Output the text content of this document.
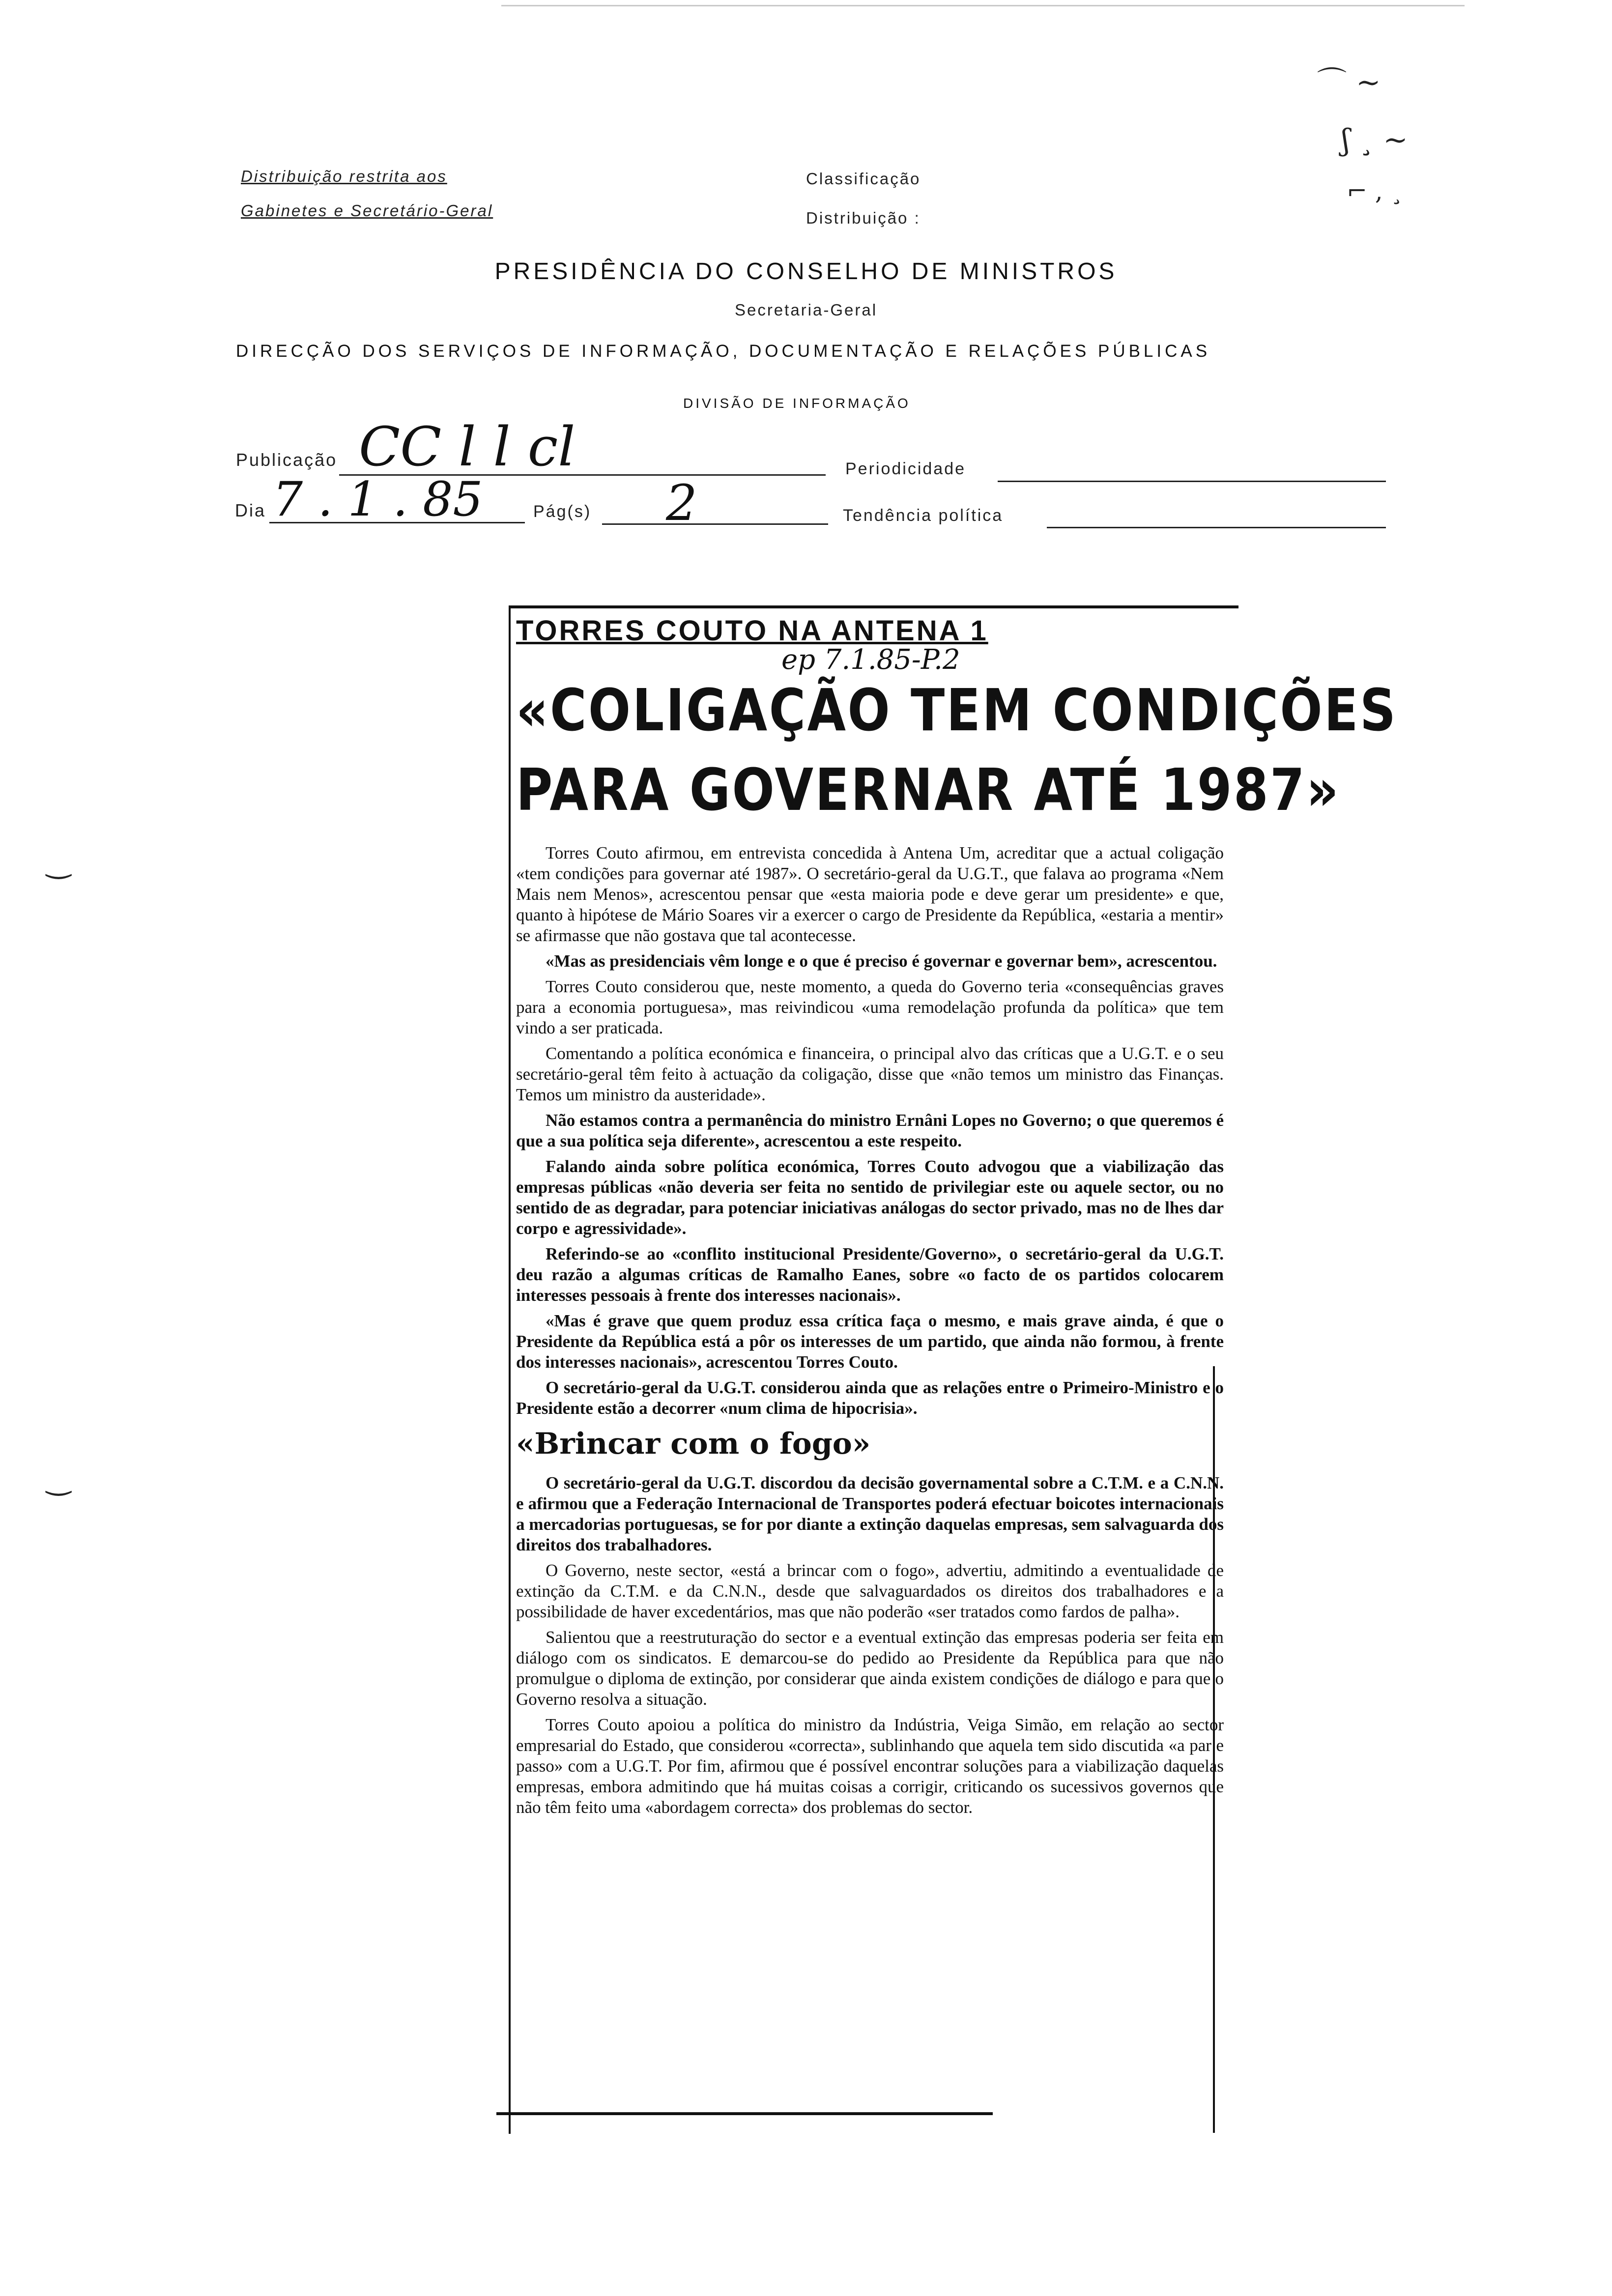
⌒ ~
ʃ ¸ ~
⌐ , ¸
Distribuição restrita aos
Gabinetes e Secretário-Geral
Classificação
Distribuição :
PRESIDÊNCIA DO CONSELHO DE MINISTROS
Secretaria-Geral
DIRECÇÃO DOS SERVIÇOS DE INFORMAÇÃO, DOCUMENTAÇÃO E RELAÇÕES PÚBLICAS
DIVISÃO DE INFORMAÇÃO
Publicação CC l l cl	Periodicidade
Dia 7 . 1 . 85	Pág(s) 2	Tendência política
TORRES COUTO NA ANTENA 1
ep 7.1.85-P.2
«COLIGAÇÃO TEM CONDIÇÕES
PARA GOVERNAR ATÉ 1987»

Torres Couto afirmou, em entrevista concedida à Antena Um, acreditar que a actual coligação «tem condições para governar até 1987». O secretário-geral da U.G.T., que falava ao programa «Nem Mais nem Menos», acrescentou pensar que «esta maioria pode e deve gerar um presidente» e que, quanto à hipótese de Mário Soares vir a exercer o cargo de Presidente da República, «estaria a mentir» se afirmasse que não gostava que tal acontecesse.

«Mas as presidenciais vêm longe e o que é preciso é governar e governar bem», acrescentou.

Torres Couto considerou que, neste momento, a queda do Governo teria «consequências graves para a economia portuguesa», mas reivindicou «uma remodelação profunda da política» que tem vindo a ser praticada.

Comentando a política económica e financeira, o principal alvo das críticas que a U.G.T. e o seu secretário-geral têm feito à actuação da coligação, disse que «não temos um ministro das Finanças. Temos um ministro da austeridade».

Não estamos contra a permanência do ministro Ernâni Lopes no Governo; o que queremos é que a sua política seja diferente», acrescentou a este respeito.

Falando ainda sobre política económica, Torres Couto advogou que a viabilização das empresas públicas «não deveria ser feita no sentido de privilegiar este ou aquele sector, ou no sentido de as degradar, para potenciar iniciativas análogas do sector privado, mas no de lhes dar corpo e agressividade».

Referindo-se ao «conflito institucional Presidente/Governo», o secretário-geral da U.G.T. deu razão a algumas críticas de Ramalho Eanes, sobre «o facto de os partidos colocarem interesses pessoais à frente dos interesses nacionais».

«Mas é grave que quem produz essa crítica faça o mesmo, e mais grave ainda, é que o Presidente da República está a pôr os interesses de um partido, que ainda não formou, à frente dos interesses nacionais», acrescentou Torres Couto.

O secretário-geral da U.G.T. considerou ainda que as relações entre o Primeiro-Ministro e o Presidente estão a decorrer «num clima de hipocrisia».

«Brincar com o fogo»

O secretário-geral da U.G.T. discordou da decisão governamental sobre a C.T.M. e a C.N.N. e afirmou que a Federação Internacional de Transportes poderá efectuar boicotes internacionais a mercadorias portuguesas, se for por diante a extinção daquelas empresas, sem salvaguarda dos direitos dos trabalhadores.

O Governo, neste sector, «está a brincar com o fogo», advertiu, admitindo a eventualidade de extinção da C.T.M. e da C.N.N., desde que salvaguardados os direitos dos trabalhadores e a possibilidade de haver excedentários, mas que não poderão «ser tratados como fardos de palha».

Salientou que a reestruturação do sector e a eventual extinção das empresas poderia ser feita em diálogo com os sindicatos. E demarcou-se do pedido ao Presidente da República para que não promulgue o diploma de extinção, por considerar que ainda existem condições de diálogo e para que o Governo resolva a situação.

Torres Couto apoiou a política do ministro da Indústria, Veiga Simão, em relação ao sector empresarial do Estado, que considerou «correcta», sublinhando que aquela tem sido discutida «a par e passo» com a U.G.T. Por fim, afirmou que é possível encontrar soluções para a viabilização daquelas empresas, embora admitindo que há muitas coisas a corrigir, criticando os sucessivos governos que não têm feito uma «abordagem correcta» dos problemas do sector.

‿
‿
